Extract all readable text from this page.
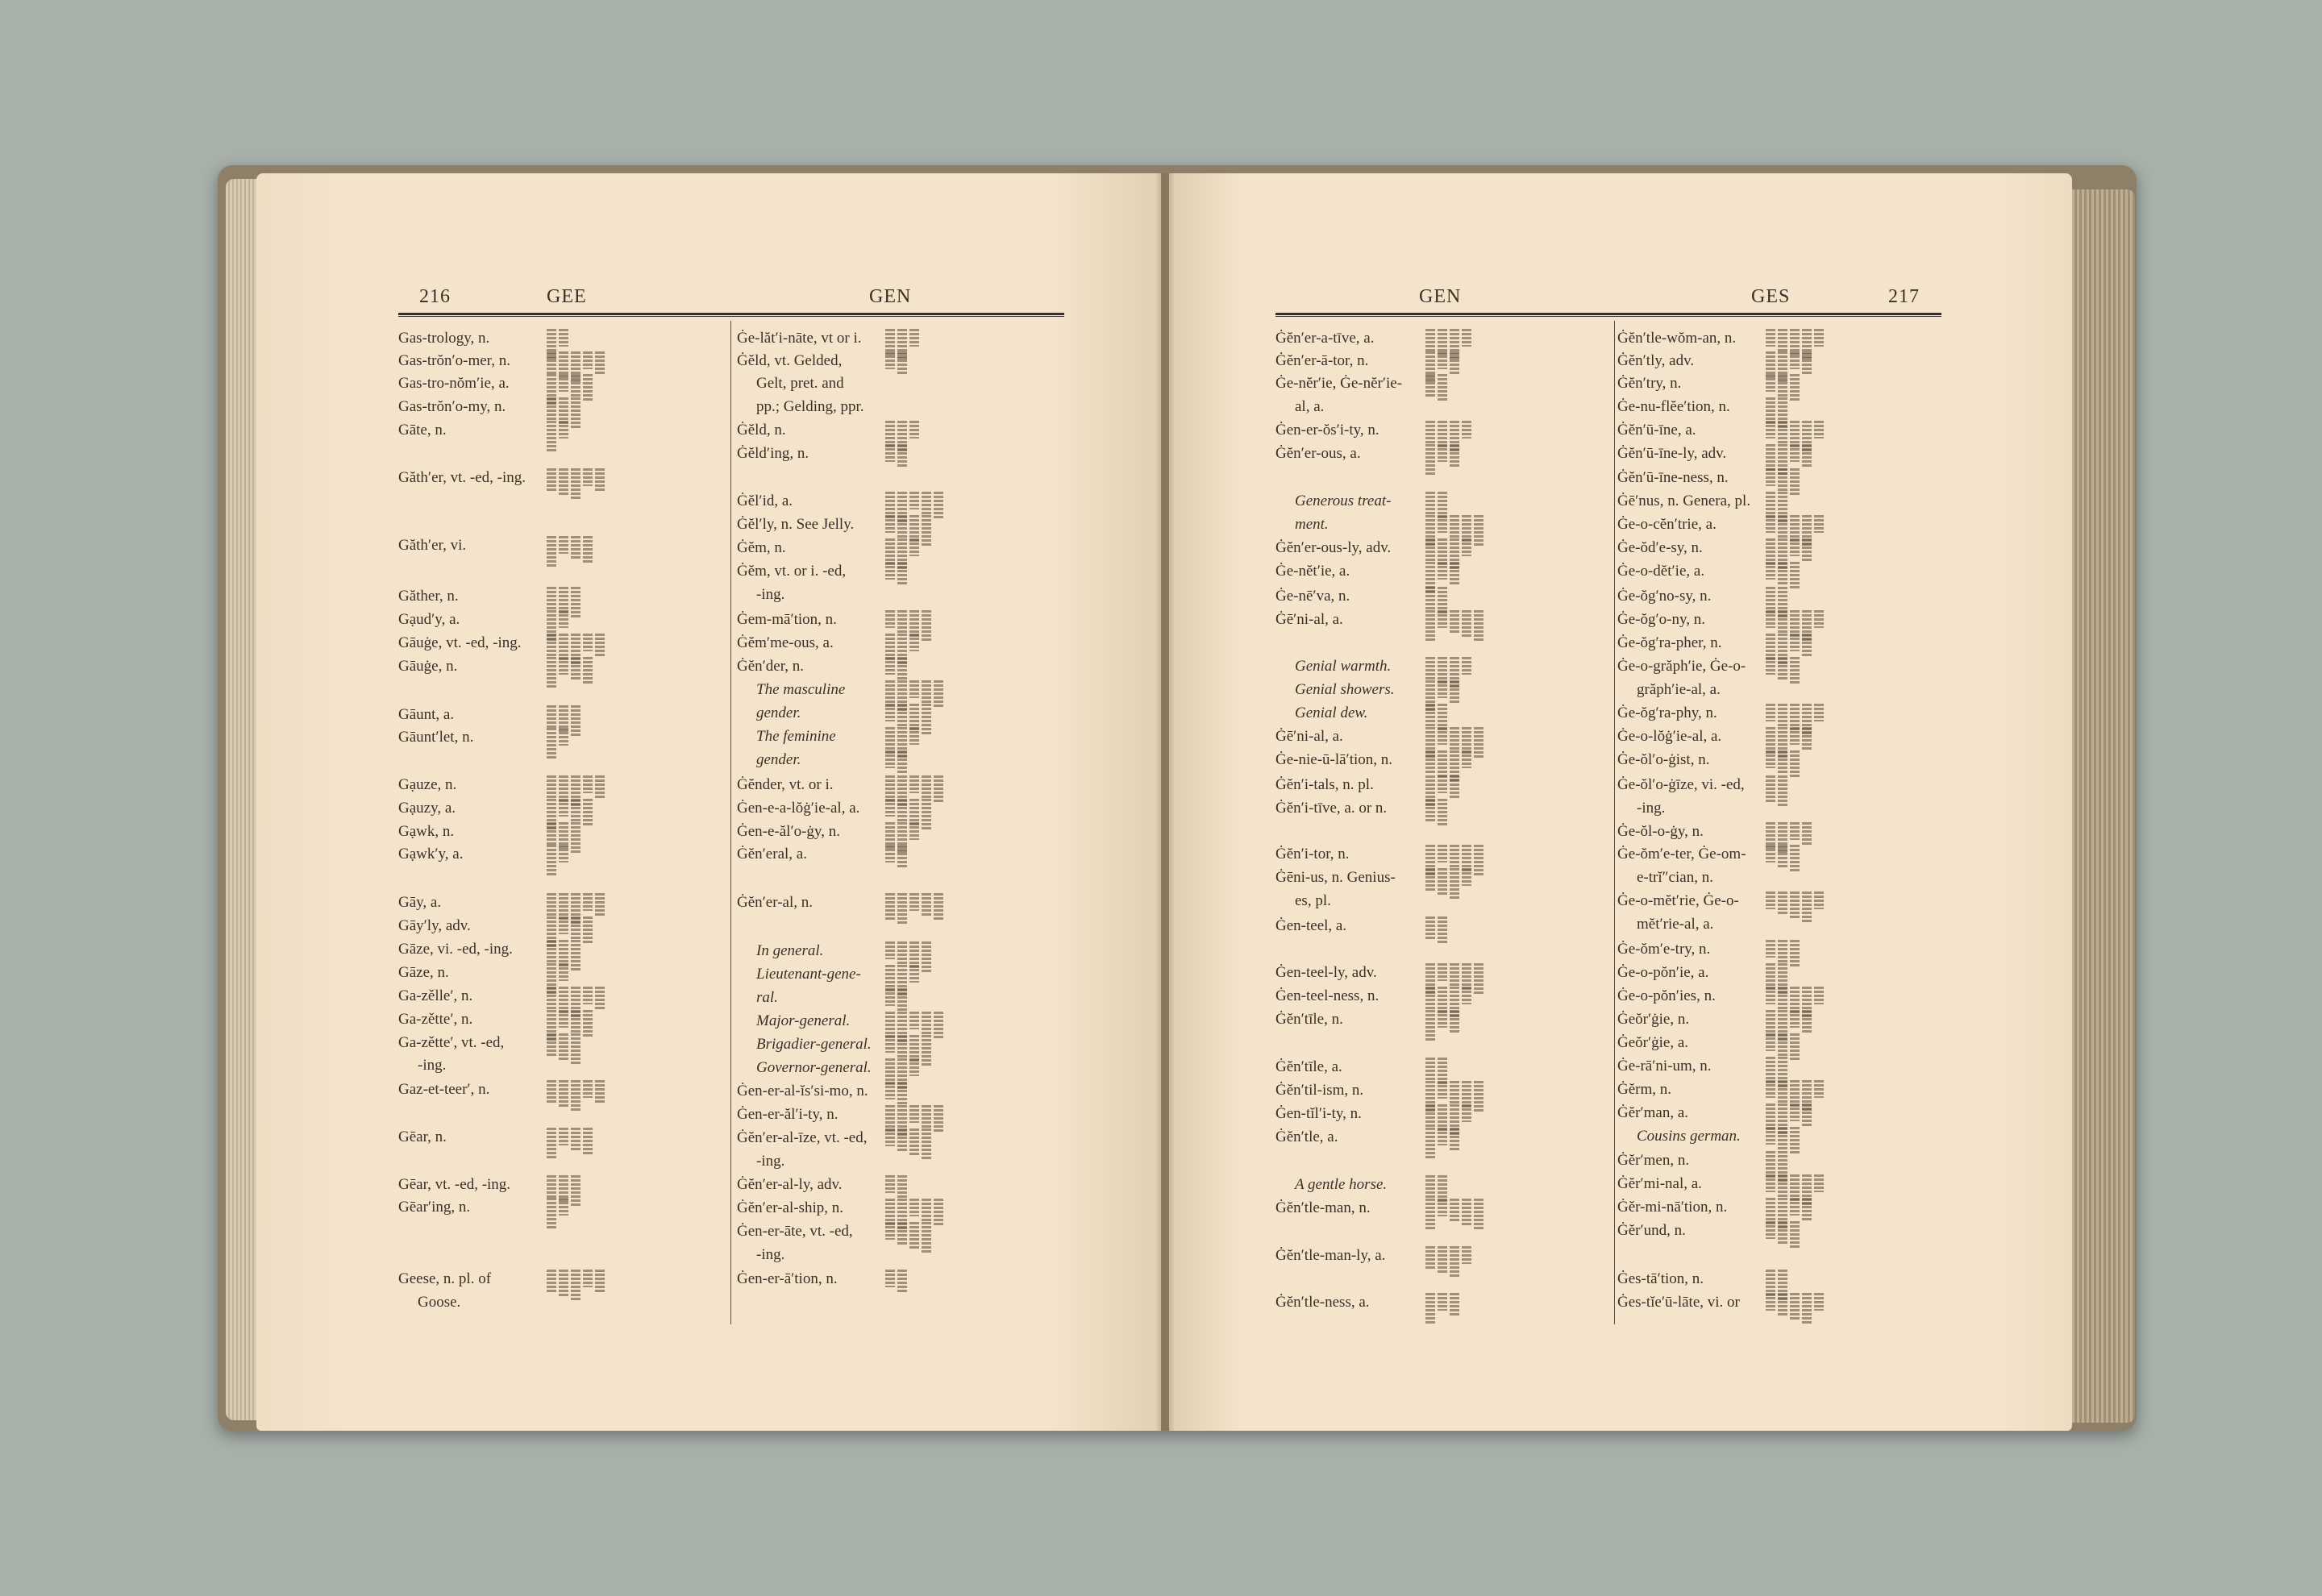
216	GEE	GEN	GEN	GES	217
Gas-trology, n.
Gas-trŏn′o-mer, n.
Gas-tro-nŏm′ie, a.
Gas-trŏn′o-my, n.
Gāte, n.
Găth′er, vt. -ed, -ing.
Găth′er, vi.
Găther, n.
Gạud′y, a.
Gāuġe, vt. -ed, -ing.
Gāuġe, n.
Gāunt, a.
Gāunt′let, n.
Gạuze, n.
Gạuzy, a.
Gạwk, n.
Gạwk′y, a.
Gāy, a.
Gāy′ly, adv.
Gāze, vi. -ed, -ing.
Gāze, n.
Ga-zělle′, n.
Ga-zětte′, n.
Ga-zětte′, vt. -ed,
-ing.
Gaz-et-teer′, n.
Gēar, n.
Gēar, vt. -ed, -ing.
Gēar′ing, n.
Geese, n. pl. of
Goose.
Ġe-lăt′i-nāte, vt or i.
Ġĕld, vt. Gelded,
Gelt, pret. and
pp.; Gelding, ppr.
Ġĕld, n.
Ġĕld′ing, n.
Ġĕl′id, a.
Ġĕl′ly, n. See Jelly.
Ġĕm, n.
Ġĕm, vt. or i. -ed,
-ing.
Ġem-mā′tion, n.
Ġĕm′me-ous, a.
Ġĕn′der, n.
The masculine
gender.
The feminine
gender.
Ġĕnder, vt. or i.
Ġen-e-a-lŏġ′ie-al, a.
Ġen-e-ăl′o-ġy, n.
Ġĕn′eral, a.
Ġĕn′er-al, n.
In general.
Lieutenant-gene-
ral.
Major-general.
Brigadier-general.
Governor-general.
Ġen-er-al-ĭs′si-mo, n.
Ġen-er-ăl′i-ty, n.
Ġĕn′er-al-īze, vt. -ed,
-ing.
Ġĕn′er-al-ly, adv.
Ġĕn′er-al-ship, n.
Ġen-er-āte, vt. -ed,
-ing.
Ġen-er-ā′tion, n.
Ġĕn′er-a-tīve, a.
Ġĕn′er-ā-tor, n.
Ġe-nĕr′ie, Ġe-nĕr′ie-
al, a.
Ġen-er-ŏs′i-ty, n.
Ġĕn′er-ous, a.
Generous treat-
ment.
Ġĕn′er-ous-ly, adv.
Ġe-nĕt′ie, a.
Ġe-nē′va, n.
Ġē′ni-al, a.
Genial warmth.
Genial showers.
Genial dew.
Ġē′ni-al, a.
Ġe-nie-ū-lā′tion, n.
Ġĕn′i-tals, n. pl.
Ġĕn′i-tīve, a. or n.
Ġĕn′i-tor, n.
Ġēni-us, n. Genius-
es, pl.
Ġen-teel, a.
Ġen-teel-ly, adv.
Ġen-teel-ness, n.
Ġĕn′tīle, n.
Ġĕn′tīle, a.
Ġĕn′til-ism, n.
Ġen-tĭl′i-ty, n.
Ġĕn′tle, a.
A gentle horse.
Ġĕn′tle-man, n.
Ġĕn′tle-man-ly, a.
Ġĕn′tle-ness, a.
Ġĕn′tle-wŏm-an, n.
Ġĕn′tly, adv.
Ġĕn′try, n.
Ġe-nu-flĕe′tion, n.
Ġĕn′ū-īne, a.
Ġĕn′ū-īne-ly, adv.
Ġĕn′ū-īne-ness, n.
Ġē′nus, n. Genera, pl.
Ġe-o-cĕn′trie, a.
Ġe-ŏd′e-sy, n.
Ġe-o-dĕt′ie, a.
Ġe-ŏg′no-sy, n.
Ġe-ŏg′o-ny, n.
Ġe-ŏg′ra-pher, n.
Ġe-o-grăph′ie, Ġe-o-
grăph′ie-al, a.
Ġe-ŏg′ra-phy, n.
Ġe-o-lŏġ′ie-al, a.
Ġe-ŏl′o-ġist, n.
Ġe-ŏl′o-ġīze, vi. -ed,
-ing.
Ġe-ŏl-o-ġy, n.
Ġe-ŏm′e-ter, Ġe-om-
e-trĭ″cian, n.
Ġe-o-mĕt′rie, Ġe-o-
mĕt′rie-al, a.
Ġe-ŏm′e-try, n.
Ġe-o-pŏn′ie, a.
Ġe-o-pŏn′ies, n.
Ġeŏr′ġie, n.
Ġeŏr′ġie, a.
Ġe-rā′ni-um, n.
Ġĕrm, n.
Ġĕr′man, a.
Cousins german.
Ġĕr′men, n.
Ġĕr′mi-nal, a.
Ġĕr-mi-nā′tion, n.
Ġĕr′und, n.
Ġes-tā′tion, n.
Ġes-tĭe′ū-lāte, vi. or
